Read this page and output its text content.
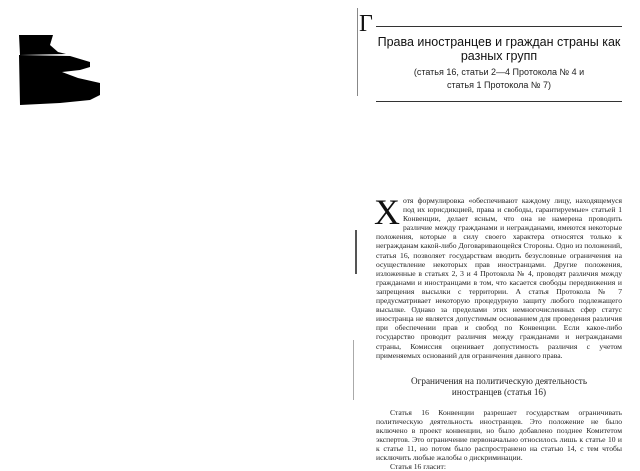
Г
Права иностранцев и граждан страны как разных групп
(статья 16, статьи 2—4 Протокола № 4 и
статья 1 Протокола № 7)
Хотя формулировка «обеспечивают каждому лицу, находящемуся под их юрисдикцией, права и свободы, гарантируемые» статьей 1 Конвенции, делает ясным, что она не намерена проводить различие между гражданами и негражданами, имеются некоторые положения, которые в силу своего характера относятся только к негражданам какой-либо Договаривающейся Стороны. Одно из положений, статья 16, позволяет государствам вводить безусловные ограничения на осуществление некоторых прав иностранцами. Другие положения, изложенные в статьях 2, 3 и 4 Протокола № 4, проводят различия между гражданами и иностранцами в том, что касается свободы передвижения и запрещения высылки с территории. А статья Протокола № 7 предусматривает некоторую процедурную защиту любого подлежащего высылке. Однако за пределами этих немногочисленных сфер статус иностранца не является допустимым основанием для проведения различия при обеспечении прав и свобод по Конвенции. Если какое-либо государство проводит различия между гражданами и негражданами страны, Комиссия оценивает допустимость различия с учетом применяемых оснований для ограничения данного права.
Ограничения на политическую деятельность
иностранцев (статья 16)
Статья 16 Конвенции разрешает государствам ограничивать политическую деятельность иностранцев. Это положение не было включено в проект конвенции, но было добавлено позднее Комитетом экспертов. Это ограничение первоначально относилось лишь к статье 10 и к статье 11, но потом было распространено на статью 14, с тем чтобы исключить любые жалобы о дискриминации.
Статья 16 гласит:
